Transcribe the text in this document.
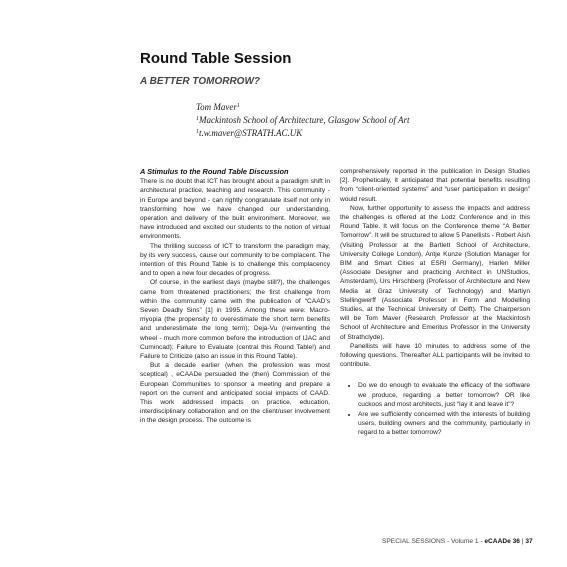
Round Table Session
A BETTER TOMORROW?
Tom Maver$^1$
$^1$Mackintosh School of Architecture, Glasgow School of Art
$^1$t.w.maver@STRATH.AC.UK
A Stimulus to the Round Table Discussion

There is no doubt that ICT has brought about a paradigm shift in architectural practice, teaching and research. This community - in Europe and beyond - can rightly congratulate itself not only in transforming how we have changed our understanding, operation and delivery of the built environment. Moreover, we have introduced and excited our students to the notion of virtual environments.

The thrilling success of ICT to transform the paradigm may, by its very success, cause our community to be complacent. The intention of this Round Table is to challenge this complacency and to open a new four decades of progress.

Of course, in the earliest days (maybe still?), the challenges came from threatened practitioners; the first challenge from within the community came with the publication of “CAAD’s Seven Deadly Sins” [1] in 1995. Among these were: Macro-myopia (the propensity to overestimate the short term benefits and underestimate the long term); Deja-Vu (reinventing the wheel - much more common before the introduction of IJAC and Cumincad); Failure to Evaluate (central this Round Table!) and Failure to Criticize (also an issue in this Round Table).

But a decade earlier (when the profession was most sceptical) , eCAADe persuaded the (then) Commission of the European Communities to sponsor a meeting and prepare a report on the current and anticipated social impacts of CAAD. This work addressed impacts on practice, education, interdisciplinary collaboration and on the client/user involvement in the design process. The outcome is

comprehensively reported in the publication in Design Studies [2]. Prophetically, it anticipated that potential benefits resulting from “client-oriented systems” and “user participation in design” would result.

Now, further opportunity to assess the impacts and address the challenges is offered at the Lodz Conference and in this Round Table. It will focus on the Conference theme “A Better Tomorrow”. It will be structured to allow 5 Panellists - Robert Aish (Visiting Professor at the Bartlett School of Architecture, University College London), Antje Kunze (Solution Manager for BIM and Smart Cities at ESRI Germany), Harlen Miller (Associate Designer and practicing Architect in UNStudios, Amsterdam), Urs Hirschberg (Professor of Architecture and New Media at Graz University of Technology) and Martiyn Stellingwerff (Associate Professor in Form and Modelling Studies, at the Technical University of Delft). The Chairperson will be Tom Maver (Research Professor at the Mackintosh School of Architecture and Emeritus Professor in the University of Strathclyde).

Panellists will have 10 minutes to address some of the following questions. Thereafter ALL participants will be invited to contribute.

• Do we do enough to evaluate the efficacy of the software we produce, regarding a better tomorrow? OR like cuckoos and most architects, just “lay it and leave it”?
• Are we sufficiently concerned with the interests of building users, building owners and the community, particularly in regard to a better tomorrow?
SPECIAL SESSIONS - Volume 1 - eCAADe 36 | 37
